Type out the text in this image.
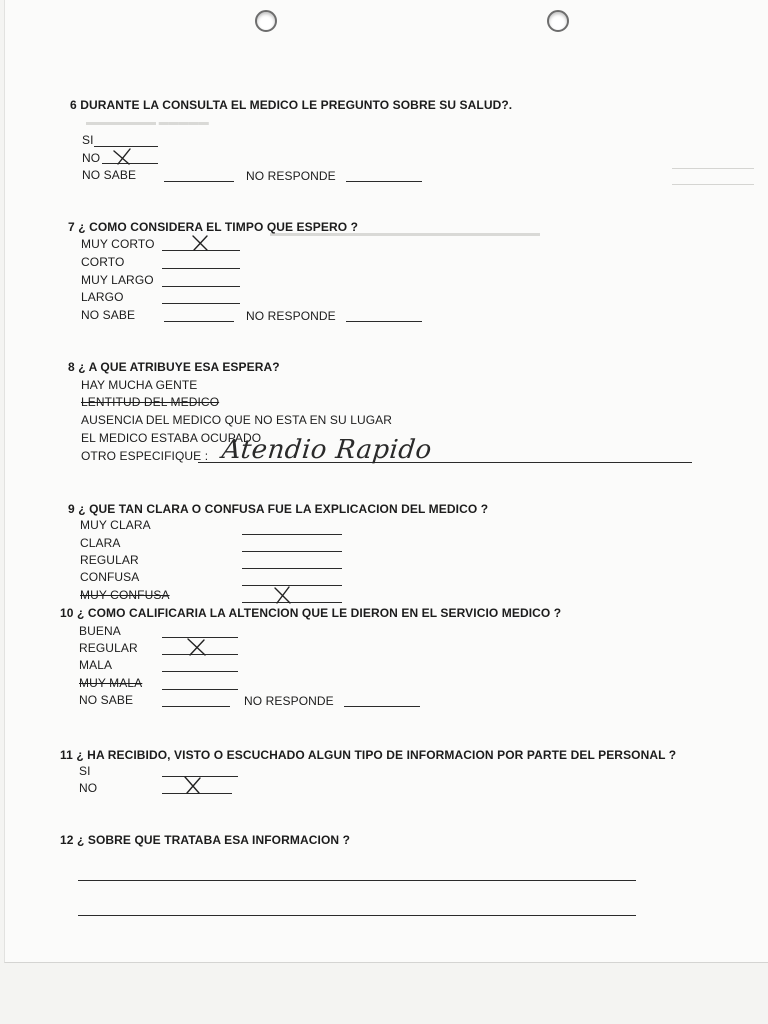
▬▬▬▬▬▬▬ ▬▬▬▬▬
▬▬▬▬▬▬▬▬▬▬▬▬▬▬▬▬▬▬▬▬▬▬▬▬▬▬▬
6 DURANTE LA CONSULTA EL MEDICO LE PREGUNTO SOBRE SU SALUD?.
SI
NO
NO SABE	NO RESPONDE
7 ¿ COMO CONSIDERA EL TIMPO QUE ESPERO ?
MUY CORTO
CORTO
MUY LARGO
LARGO
NO SABE	NO RESPONDE
8 ¿ A QUE ATRIBUYE ESA ESPERA?
HAY MUCHA GENTE
LENTITUD DEL MEDICO
AUSENCIA DEL MEDICO QUE NO ESTA EN SU LUGAR
EL MEDICO ESTABA OCUPADO
OTRO ESPECIFIQUE : Atendio Rapido
9 ¿ QUE TAN CLARA O CONFUSA FUE LA EXPLICACION DEL MEDICO ?
MUY CLARA
CLARA
REGULAR
CONFUSA
MUY CONFUSA
10 ¿ COMO CALIFICARIA LA ALTENCION QUE LE DIERON EN EL SERVICIO MEDICO ?
BUENA
REGULAR
MALA
MUY MALA
NO SABE	NO RESPONDE
11 ¿ HA RECIBIDO, VISTO O ESCUCHADO ALGUN TIPO DE INFORMACION POR PARTE DEL PERSONAL ?
SI
NO
12 ¿ SOBRE QUE TRATABA ESA INFORMACION ?
